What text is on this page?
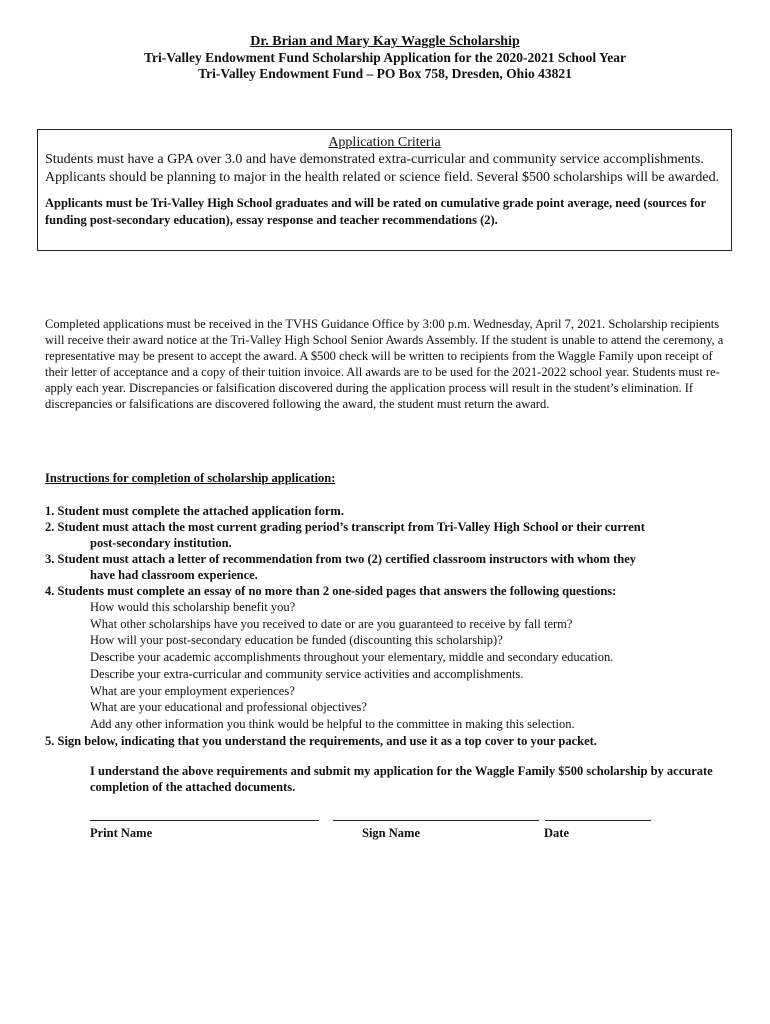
Dr. Brian and Mary Kay Waggle Scholarship
Tri-Valley Endowment Fund Scholarship Application for the 2020-2021 School Year
Tri-Valley Endowment Fund – PO Box 758, Dresden, Ohio 43821
Application Criteria
Students must have a GPA over 3.0 and have demonstrated extra-curricular and community service accomplishments. Applicants should be planning to major in the health related or science field. Several $500 scholarships will be awarded.
Applicants must be Tri-Valley High School graduates and will be rated on cumulative grade point average, need (sources for funding post-secondary education), essay response and teacher recommendations (2).
Completed applications must be received in the TVHS Guidance Office by 3:00 p.m. Wednesday, April 7, 2021. Scholarship recipients will receive their award notice at the Tri-Valley High School Senior Awards Assembly. If the student is unable to attend the ceremony, a representative may be present to accept the award. A $500 check will be written to recipients from the Waggle Family upon receipt of their letter of acceptance and a copy of their tuition invoice. All awards are to be used for the 2021-2022 school year. Students must re-apply each year. Discrepancies or falsification discovered during the application process will result in the student’s elimination. If discrepancies or falsifications are discovered following the award, the student must return the award.
Instructions for completion of scholarship application:
1. Student must complete the attached application form.
2. Student must attach the most current grading period’s transcript from Tri-Valley High School or their current
post-secondary institution.
3. Student must attach a letter of recommendation from two (2) certified classroom instructors with whom they
have had classroom experience.
4. Students must complete an essay of no more than 2 one-sided pages that answers the following questions:
How would this scholarship benefit you?
What other scholarships have you received to date or are you guaranteed to receive by fall term?
How will your post-secondary education be funded (discounting this scholarship)?
Describe your academic accomplishments throughout your elementary, middle and secondary education.
Describe your extra-curricular and community service activities and accomplishments.
What are your employment experiences?
What are your educational and professional objectives?
Add any other information you think would be helpful to the committee in making this selection.
5. Sign below, indicating that you understand the requirements, and use it as a top cover to your packet.
I understand the above requirements and submit my application for the Waggle Family $500 scholarship by accurate completion of the attached documents.
Print Name	Sign Name	Date
